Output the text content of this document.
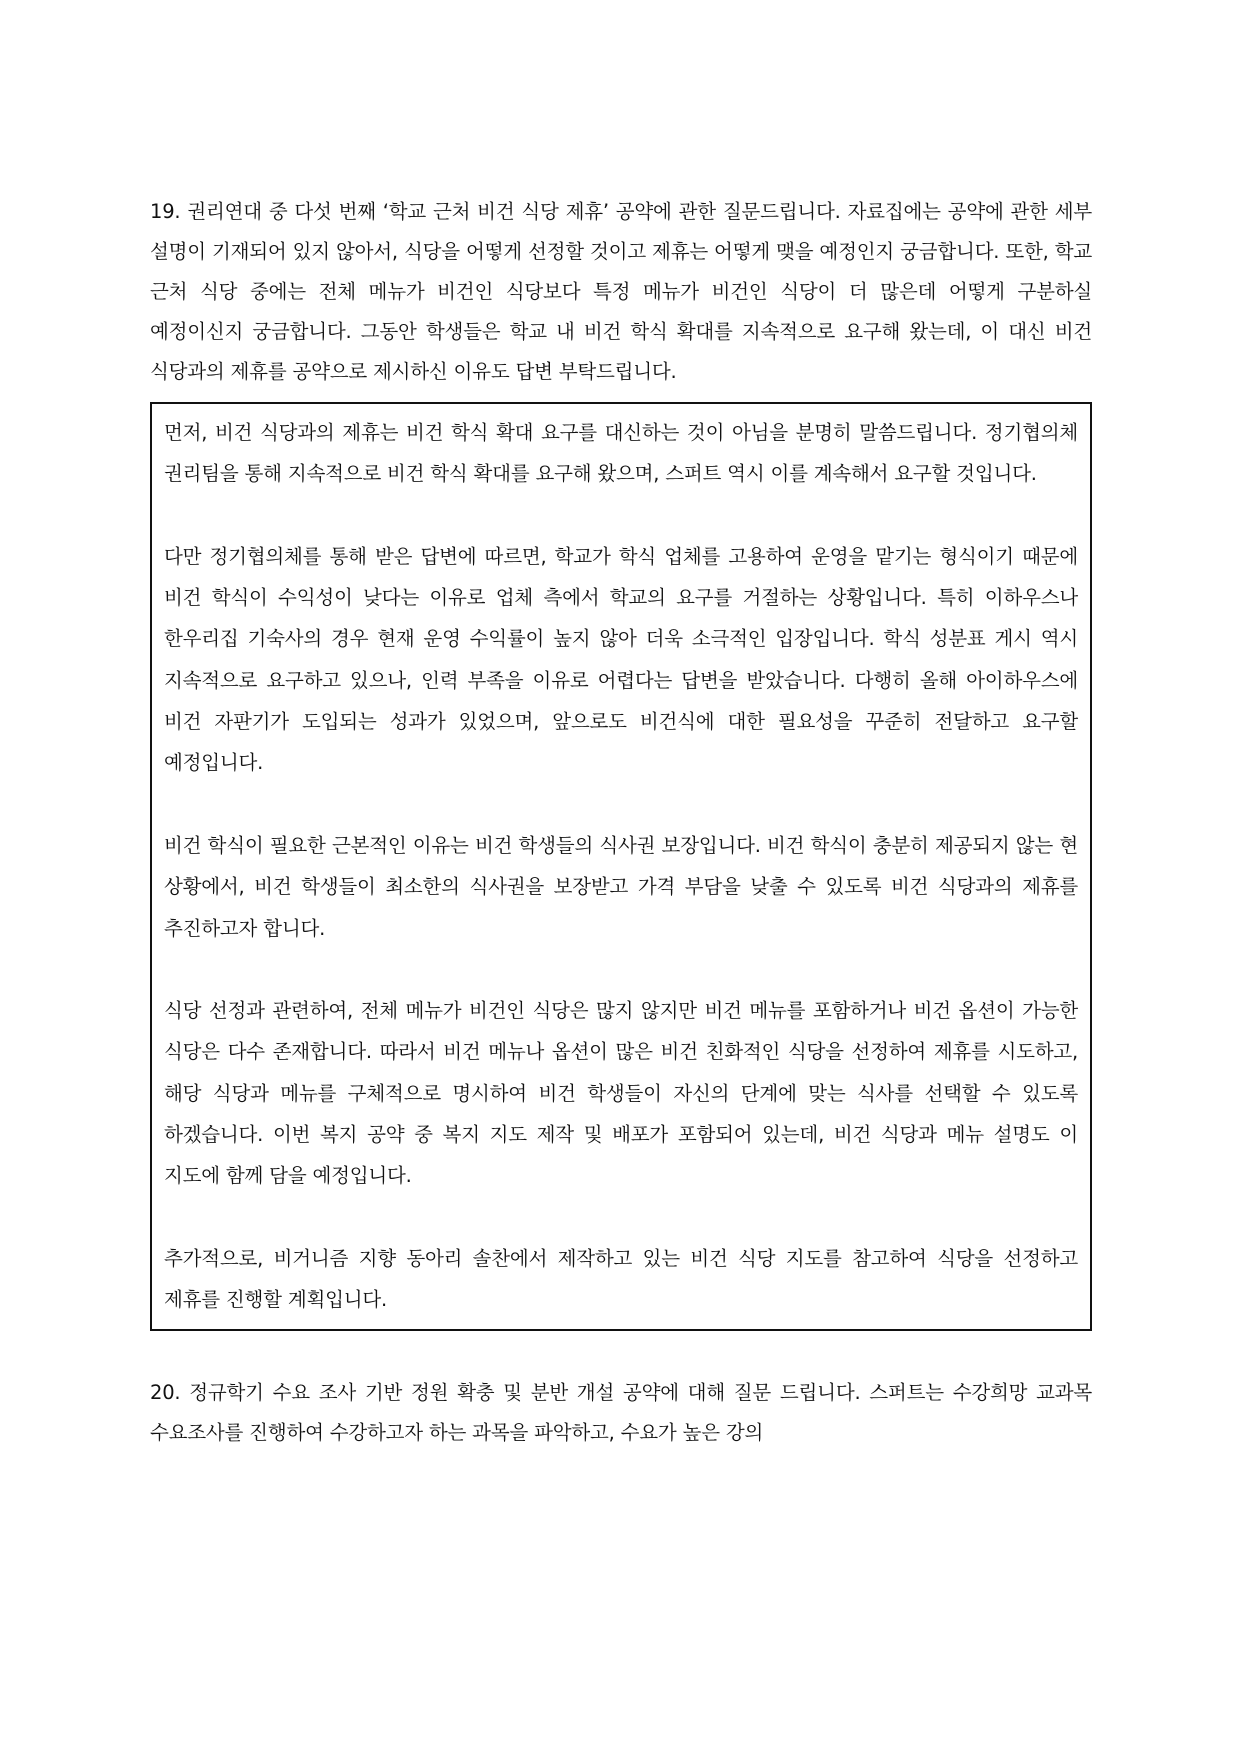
19. 권리연대 중 다섯 번째 ‘학교 근처 비건 식당 제휴’ 공약에 관한 질문드립니다. 자료집에는 공약에 관한 세부 설명이 기재되어 있지 않아서, 식당을 어떻게 선정할 것이고 제휴는 어떻게 맺을 예정인지 궁금합니다. 또한, 학교 근처 식당 중에는 전체 메뉴가 비건인 식당보다 특정 메뉴가 비건인 식당이 더 많은데 어떻게 구분하실 예정이신지 궁금합니다. 그동안 학생들은 학교 내 비건 학식 확대를 지속적으로 요구해 왔는데, 이 대신 비건 식당과의 제휴를 공약으로 제시하신 이유도 답변 부탁드립니다.

먼저, 비건 식당과의 제휴는 비건 학식 확대 요구를 대신하는 것이 아님을 분명히 말씀드립니다. 정기협의체 권리팀을 통해 지속적으로 비건 학식 확대를 요구해 왔으며, 스퍼트 역시 이를 계속해서 요구할 것입니다.

다만 정기협의체를 통해 받은 답변에 따르면, 학교가 학식 업체를 고용하여 운영을 맡기는 형식이기 때문에 비건 학식이 수익성이 낮다는 이유로 업체 측에서 학교의 요구를 거절하는 상황입니다. 특히 이하우스나 한우리집 기숙사의 경우 현재 운영 수익률이 높지 않아 더욱 소극적인 입장입니다. 학식 성분표 게시 역시 지속적으로 요구하고 있으나, 인력 부족을 이유로 어렵다는 답변을 받았습니다. 다행히 올해 아이하우스에 비건 자판기가 도입되는 성과가 있었으며, 앞으로도 비건식에 대한 필요성을 꾸준히 전달하고 요구할 예정입니다.

비건 학식이 필요한 근본적인 이유는 비건 학생들의 식사권 보장입니다. 비건 학식이 충분히 제공되지 않는 현 상황에서, 비건 학생들이 최소한의 식사권을 보장받고 가격 부담을 낮출 수 있도록 비건 식당과의 제휴를 추진하고자 합니다.

식당 선정과 관련하여, 전체 메뉴가 비건인 식당은 많지 않지만 비건 메뉴를 포함하거나 비건 옵션이 가능한 식당은 다수 존재합니다. 따라서 비건 메뉴나 옵션이 많은 비건 친화적인 식당을 선정하여 제휴를 시도하고, 해당 식당과 메뉴를 구체적으로 명시하여 비건 학생들이 자신의 단계에 맞는 식사를 선택할 수 있도록 하겠습니다. 이번 복지 공약 중 복지 지도 제작 및 배포가 포함되어 있는데, 비건 식당과 메뉴 설명도 이 지도에 함께 담을 예정입니다.

추가적으로, 비거니즘 지향 동아리 솔찬에서 제작하고 있는 비건 식당 지도를 참고하여 식당을 선정하고 제휴를 진행할 계획입니다.

20. 정규학기 수요 조사 기반 정원 확충 및 분반 개설 공약에 대해 질문 드립니다. 스퍼트는 수강희망 교과목 수요조사를 진행하여 수강하고자 하는 과목을 파악하고, 수요가 높은 강의
